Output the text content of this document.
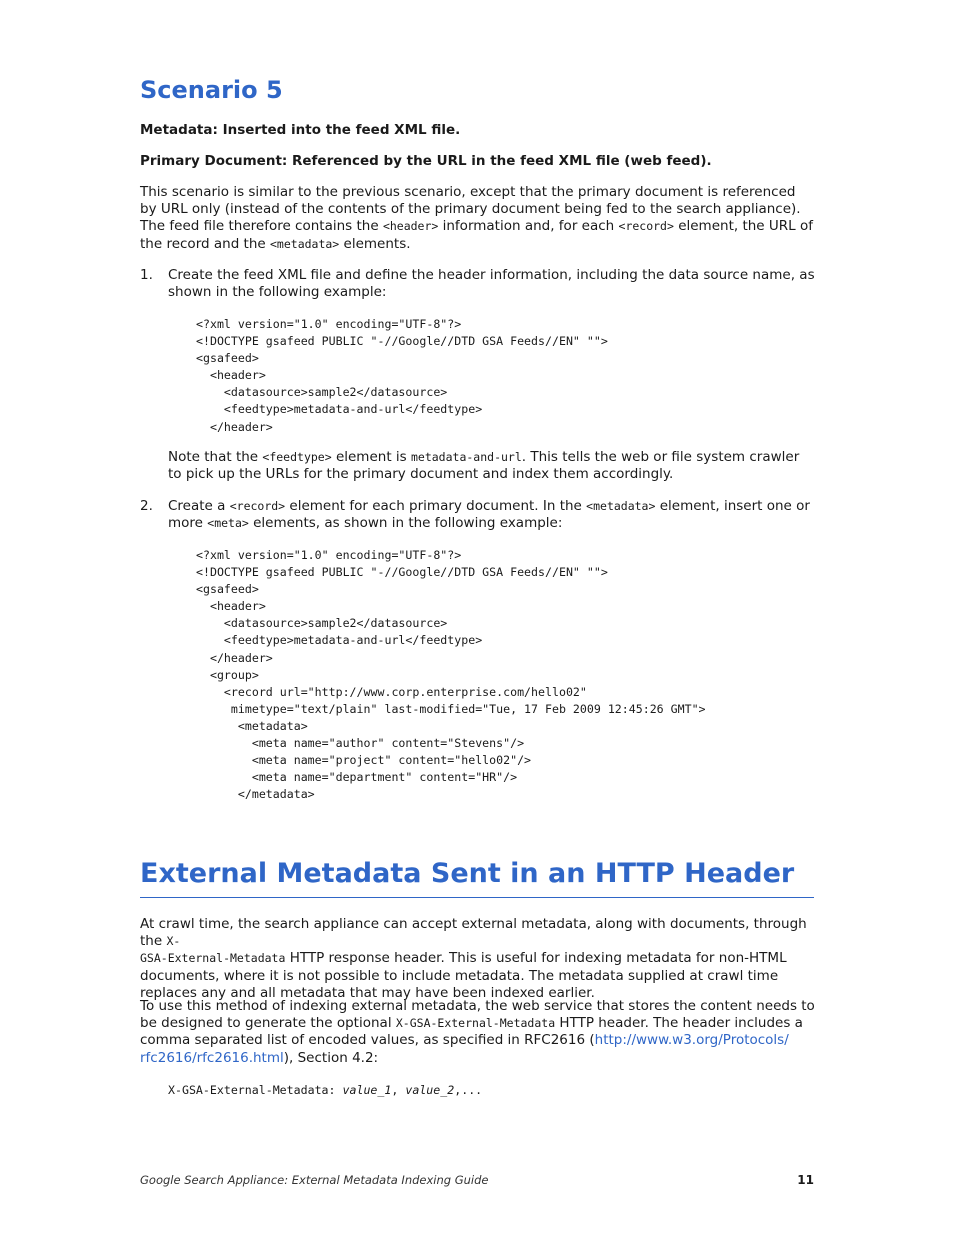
Scenario 5

Metadata: Inserted into the feed XML file.

Primary Document: Referenced by the URL in the feed XML file (web feed).

This scenario is similar to the previous scenario, except that the primary document is referenced by URL only (instead of the contents of the primary document being fed to the search appliance). The feed file therefore contains the <header> information and, for each <record> element, the URL of the record and the <metadata> elements.

1. Create the feed XML file and define the header information, including the data source name, as shown in the following example:

<?xml version="1.0" encoding="UTF-8"?>
<!DOCTYPE gsafeed PUBLIC "-//Google//DTD GSA Feeds//EN" "">
<gsafeed>
<header>
<datasource>sample2</datasource>
<feedtype>metadata-and-url</feedtype>
</header>

Note that the <feedtype> element is metadata-and-url. This tells the web or file system crawler to pick up the URLs for the primary document and index them accordingly.

2. Create a <record> element for each primary document. In the <metadata> element, insert one or more <meta> elements, as shown in the following example:

<?xml version="1.0" encoding="UTF-8"?>
<!DOCTYPE gsafeed PUBLIC "-//Google//DTD GSA Feeds//EN" "">
<gsafeed>
<header>
<datasource>sample2</datasource>
<feedtype>metadata-and-url</feedtype>
</header>
<group>
<record url="http://www.corp.enterprise.com/hello02"
mimetype="text/plain" last-modified="Tue, 17 Feb 2009 12:45:26 GMT">
<metadata>
<meta name="author" content="Stevens"/>
<meta name="project" content="hello02"/>
<meta name="department" content="HR"/>
</metadata>
External Metadata Sent in an HTTP Header

At crawl time, the search appliance can accept external metadata, along with documents, through the X-
GSA-External-Metadata HTTP response header. This is useful for indexing metadata for non-HTML documents, where it is not possible to include metadata. The metadata supplied at crawl time replaces any and all metadata that may have been indexed earlier.

To use this method of indexing external metadata, the web service that stores the content needs to be designed to generate the optional X-GSA-External-Metadata HTTP header. The header includes a comma separated list of encoded values, as specified in RFC2616 (http://www.w3.org/Protocols/
rfc2616/rfc2616.html), Section 4.2:

X-GSA-External-Metadata: value_1, value_2,...
Google Search Appliance: External Metadata Indexing Guide	11
